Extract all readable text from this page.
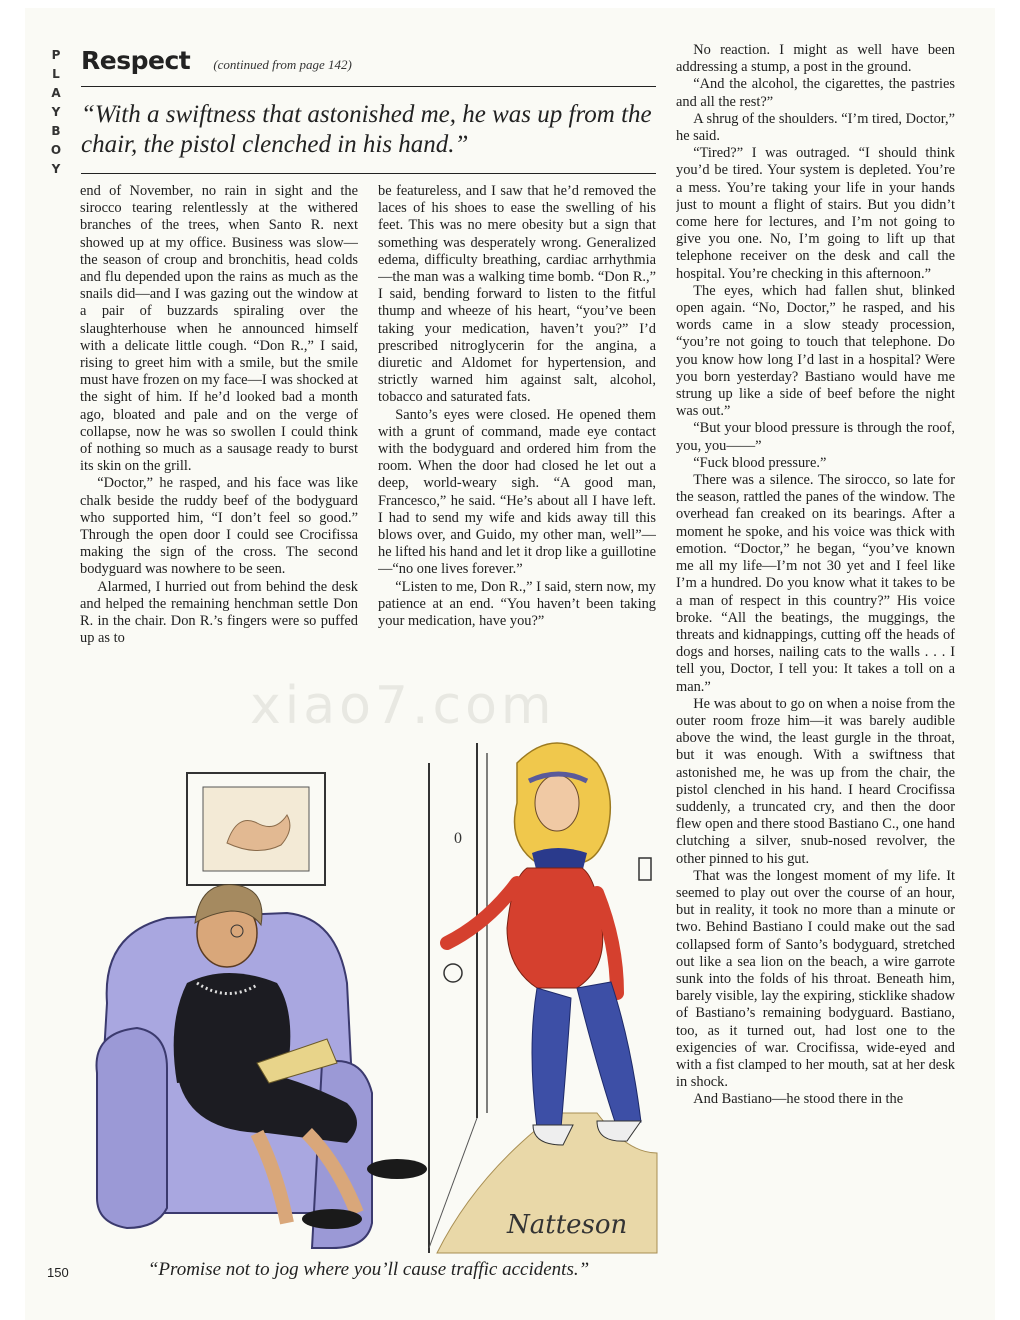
P
L
A
Y
B
O
Y
Respect (continued from page 142)
“With a swiftness that astonished me, he was up from the chair, the pistol clenched in his hand.”

end of November, no rain in sight and the sirocco tearing relentlessly at the withered branches of the trees, when Santo R. next showed up at my office. Business was slow—the season of croup and bronchitis, head colds and flu depended upon the rains as much as the snails did—and I was gazing out the window at a pair of buzzards spiraling over the slaughterhouse when he announced himself with a delicate little cough. “Don R.,” I said, rising to greet him with a smile, but the smile must have frozen on my face—I was shocked at the sight of him. If he’d looked bad a month ago, bloated and pale and on the verge of collapse, now he was so swollen I could think of nothing so much as a sausage ready to burst its skin on the grill.

“Doctor,” he rasped, and his face was like chalk beside the ruddy beef of the bodyguard who supported him, “I don’t feel so good.” Through the open door I could see Crocifissa making the sign of the cross. The second bodyguard was nowhere to be seen.

Alarmed, I hurried out from behind the desk and helped the remaining henchman settle Don R. in the chair. Don R.’s fingers were so puffed up as to

be featureless, and I saw that he’d removed the laces of his shoes to ease the swelling of his feet. This was no mere obesity but a sign that something was desperately wrong. Generalized edema, difficulty breathing, cardiac arrhythmia—the man was a walking time bomb. “Don R.,” I said, bending forward to listen to the fitful thump and wheeze of his heart, “you’ve been taking your medication, haven’t you?” I’d prescribed nitroglycerin for the angina, a diuretic and Aldomet for hypertension, and strictly warned him against salt, alcohol, tobacco and saturated fats.

Santo’s eyes were closed. He opened them with a grunt of command, made eye contact with the bodyguard and ordered him from the room. When the door had closed he let out a deep, world-weary sigh. “A good man, Francesco,” he said. “He’s about all I have left. I had to send my wife and kids away till this blows over, and Guido, my other man, well”—he lifted his hand and let it drop like a guillotine—“no one lives forever.”

“Listen to me, Don R.,” I said, stern now, my patience at an end. “You haven’t been taking your medication, have you?”

No reaction. I might as well have been addressing a stump, a post in the ground.

“And the alcohol, the cigarettes, the pastries and all the rest?”

A shrug of the shoulders. “I’m tired, Doctor,” he said.

“Tired?” I was outraged. “I should think you’d be tired. Your system is depleted. You’re a mess. You’re taking your life in your hands just to mount a flight of stairs. But you didn’t come here for lectures, and I’m not going to give you one. No, I’m going to lift up that telephone receiver on the desk and call the hospital. You’re checking in this afternoon.”

The eyes, which had fallen shut, blinked open again. “No, Doctor,” he rasped, and his words came in a slow steady procession, “you’re not going to touch that telephone. Do you know how long I’d last in a hospital? Were you born yesterday? Bastiano would have me strung up like a side of beef before the night was out.”

“But your blood pressure is through the roof, you, you——”

“Fuck blood pressure.”

There was a silence. The sirocco, so late for the season, rattled the panes of the window. The overhead fan creaked on its bearings. After a moment he spoke, and his voice was thick with emotion. “Doctor,” he began, “you’ve known me all my life—I’m not 30 yet and I feel like I’m a hundred. Do you know what it takes to be a man of respect in this country?” His voice broke. “All the beatings, the muggings, the threats and kidnappings, cutting off the heads of dogs and horses, nailing cats to the walls . . . I tell you, Doctor, I tell you: It takes a toll on a man.”

He was about to go on when a noise from the outer room froze him—it was barely audible above the wind, the least gurgle in the throat, but it was enough. With a swiftness that astonished me, he was up from the chair, the pistol clenched in his hand. I heard Crocifissa suddenly, a truncated cry, and then the door flew open and there stood Bastiano C., one hand clutching a silver, snub-nosed revolver, the other pinned to his gut.

That was the longest moment of my life. It seemed to play out over the course of an hour, but in reality, it took no more than a minute or two. Behind Bastiano I could make out the sad collapsed form of Santo’s bodyguard, stretched out like a sea lion on the beach, a wire garrote sunk into the folds of his throat. Beneath him, barely visible, lay the expiring, sticklike shadow of Bastiano’s remaining bodyguard. Bastiano, too, as it turned out, had lost one to the exigencies of war. Crocifissa, wide-eyed and with a fist clamped to her mouth, sat at her desk in shock.

And Bastiano—he stood there in the

xiao7.com
0
Natteson
“Promise not to jog where you’ll cause traffic accidents.”
150
